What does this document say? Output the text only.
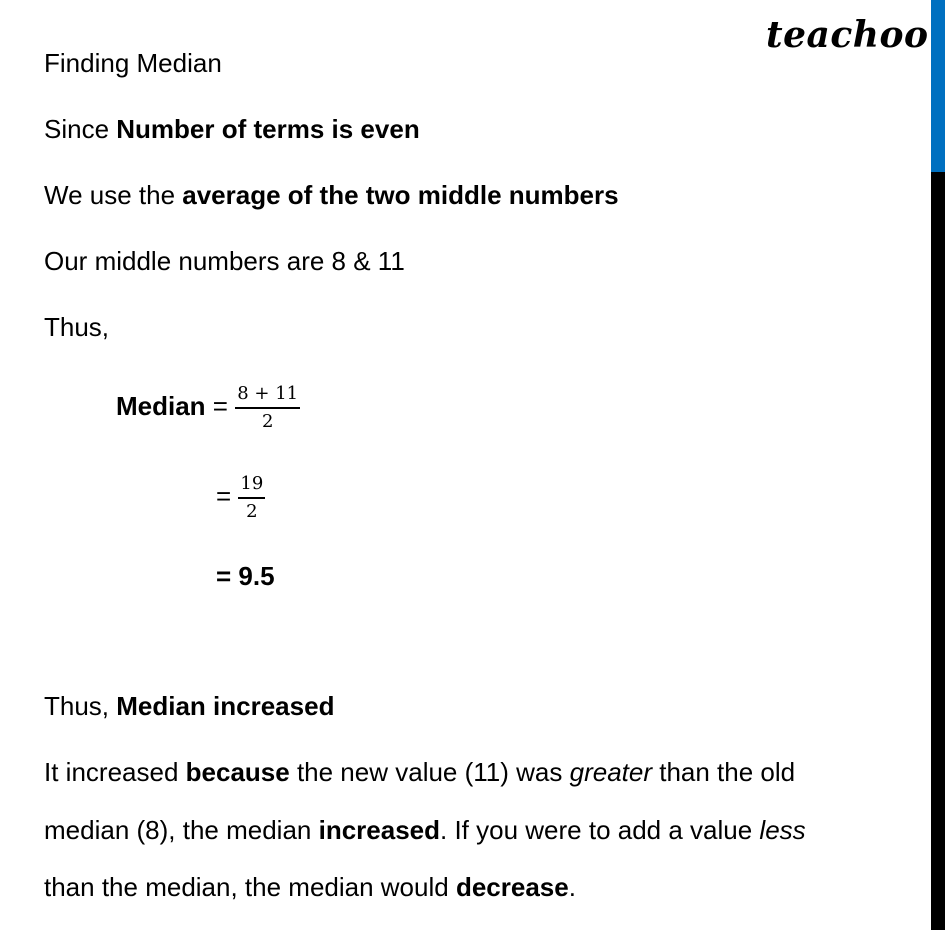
teachoo
Finding Median
Since Number of terms is even
We use the average of the two middle numbers
Our middle numbers are 8 & 11
Thus,
Median = $\frac{8 + 11}{2}$
= $\frac{19}{2}$
= 9.5
Thus, Median increased
It increased because the new value (11) was greater than the old
median (8), the median increased. If you were to add a value less
than the median, the median would decrease.
